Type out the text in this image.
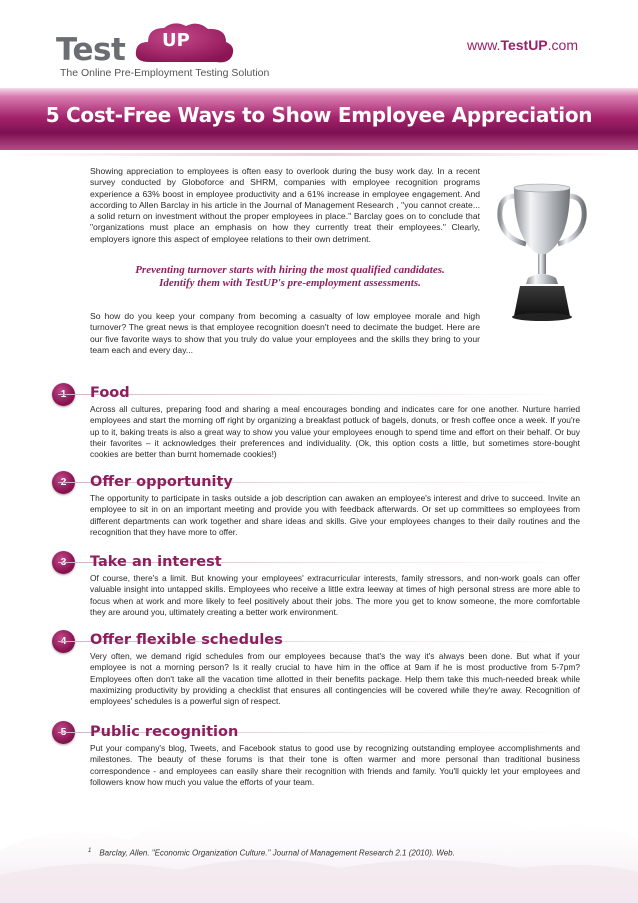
Test UP
The Online Pre-Employment Testing Solution
www.TestUP.com
5 Cost-Free Ways to Show Employee Appreciation

Showing appreciation to employees is often easy to overlook during the busy work day. In a recent survey conducted by Globoforce and SHRM, companies with employee recognition programs experience a 63% boost in employee productivity and a 61% increase in employee engagement. And according to Allen Barclay in his article in the Journal of Management Research , "you cannot create... a solid return on investment without the proper employees in place." Barclay goes on to conclude that "organizations must place an emphasis on how they currently treat their employees." Clearly, employers ignore this aspect of employee relations to their own detriment.

Preventing turnover starts with hiring the most qualified candidates.
Identify them with TestUP's pre-employment assessments.

So how do you keep your company from becoming a casualty of low employee morale and high turnover? The great news is that employee recognition doesn't need to decimate the budget. Here are our five favorite ways to show that you truly do value your employees and the skills they bring to your team each and every day...

Food

Across all cultures, preparing food and sharing a meal encourages bonding and indicates care for one another. Nurture harried employees and start the morning off right by organizing a breakfast potluck of bagels, donuts, or fresh coffee once a week. If you're up to it, baking treats is also a great way to show you value your employees enough to spend time and effort on their behalf. Or buy their favorites – it acknowledges their preferences and individuality. (Ok, this option costs a little, but sometimes store-bought cookies are better than burnt homemade cookies!)

Offer opportunity

The opportunity to participate in tasks outside a job description can awaken an employee's interest and drive to succeed. Invite an employee to sit in on an important meeting and provide you with feedback afterwards. Or set up committees so employees from different departments can work together and share ideas and skills. Give your employees changes to their daily routines and the recognition that they have more to offer.

Take an interest

Of course, there's a limit. But knowing your employees' extracurricular interests, family stressors, and non-work goals can offer valuable insight into untapped skills. Employees who receive a little extra leeway at times of high personal stress are more able to focus when at work and more likely to feel positively about their jobs. The more you get to know someone, the more comfortable they are around you, ultimately creating a better work environment.

Offer flexible schedules

Very often, we demand rigid schedules from our employees because that's the way it's always been done. But what if your employee is not a morning person? Is it really crucial to have him in the office at 9am if he is most productive from 5-7pm? Employees often don't take all the vacation time allotted in their benefits package. Help them take this much-needed break while maximizing productivity by providing a checklist that ensures all contingencies will be covered while they're away. Recognition of employees' schedules is a powerful sign of respect.

Public recognition

Put your company's blog, Tweets, and Facebook status to good use by recognizing outstanding employee accomplishments and milestones. The beauty of these forums is that their tone is often warmer and more personal than traditional business correspondence - and employees can easily share their recognition with friends and family. You'll quickly let your employees and followers know how much you value the efforts of your team.

$^1$ Barclay, Allen. "Economic Organization Culture." Journal of Management Research 2.1 (2010). Web.
